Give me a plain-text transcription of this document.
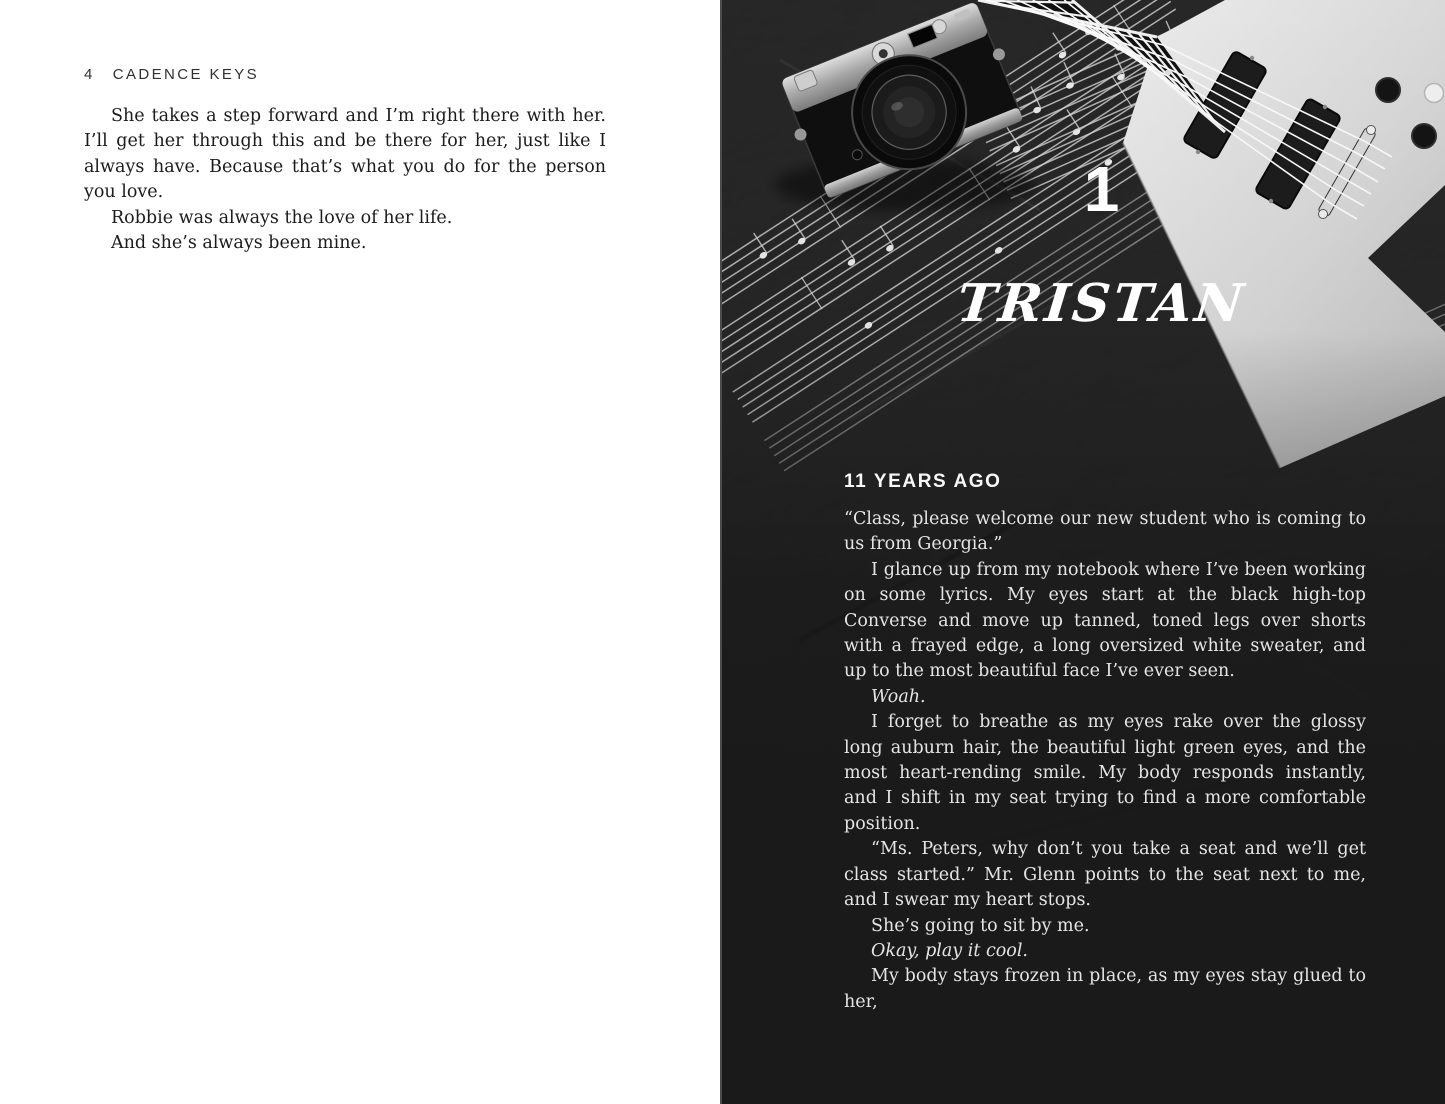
4 CADENCE KEYS

She takes a step forward and I’m right there with her. I’ll get her through this and be there for her, just like I always have. Because that’s what you do for the person you love.

Robbie was always the love of her life.

And she’s always been mine.

1
TRISTAN
11 YEARS AGO

“Class, please welcome our new student who is coming to us from Georgia.”

I glance up from my notebook where I’ve been working on some lyrics. My eyes start at the black high-top Converse and move up tanned, toned legs over shorts with a frayed edge, a long oversized white sweater, and up to the most beautiful face I’ve ever seen.

Woah.

I forget to breathe as my eyes rake over the glossy long auburn hair, the beautiful light green eyes, and the most heart-rending smile. My body responds instantly, and I shift in my seat trying to find a more comfortable position.

“Ms. Peters, why don’t you take a seat and we’ll get class started.” Mr. Glenn points to the seat next to me, and I swear my heart stops.

She’s going to sit by me.

Okay, play it cool.

My body stays frozen in place, as my eyes stay glued to her,
